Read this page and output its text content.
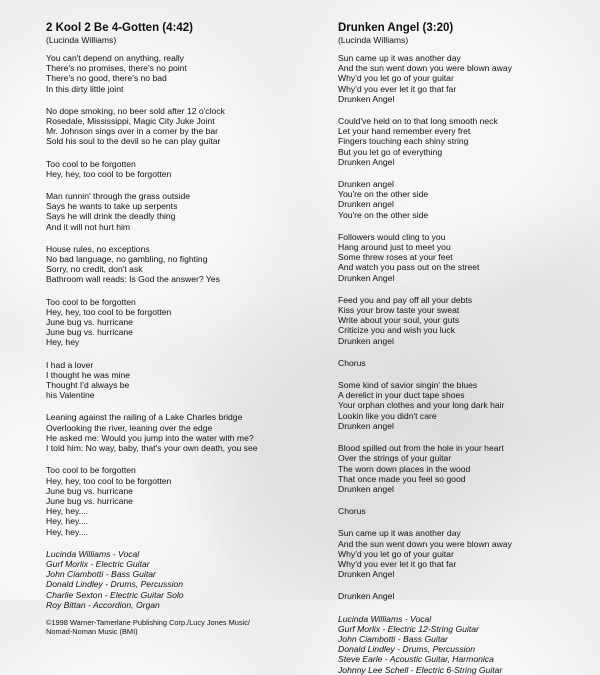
2 Kool 2 Be 4-Gotten (4:42)

(Lucinda Williams)

You can't depend on anything, really
There's no promises, there's no point
There's no good, there's no bad
In this dirty little joint
No dope smoking, no beer sold after 12 o'clock
Rosedale, Mississippi, Magic City Juke Joint
Mr. Johnson sings over in a corner by the bar
Sold his soul to the devil so he can play guitar
Too cool to be forgotten
Hey, hey, too cool to be forgotten
Man runnin' through the grass outside
Says he wants to take up serpents
Says he will drink the deadly thing
And it will not hurt him
House rules, no exceptions
No bad language, no gambling, no fighting
Sorry, no credit, don't ask
Bathroom wall reads: Is God the answer? Yes
Too cool to be forgotten
Hey, hey, too cool to be forgotten
June bug vs. hurricane
June bug vs. hurricane
Hey, hey
I had a lover
I thought he was mine
Thought I'd always be
his Valentine
Leaning against the railing of a Lake Charles bridge
Overlooking the river, leaning over the edge
He asked me: Would you jump into the water with me?
I told him: No way, baby, that's your own death, you see
Too cool to be forgotten
Hey, hey, too cool to be forgotten
June bug vs. hurricane
June bug vs. hurricane
Hey, hey....
Hey, hey....
Hey, hey....
Lucinda Williams - Vocal
Gurf Morlix - Electric Guitar
John Ciambotti - Bass Guitar
Donald Lindley - Drums, Percussion
Charlie Sexton - Electric Guitar Solo
Roy Bittan - Accordion, Organ
©1998 Warner-Tamerlane Publishing Corp./Lucy Jones Music/
Nomad-Noman Music (BMI)

Drunken Angel (3:20)

(Lucinda Williams)

Sun came up it was another day
And the sun went down you were blown away
Why'd you let go of your guitar
Why'd you ever let it go that far
Drunken Angel
Could've held on to that long smooth neck
Let your hand remember every fret
Fingers touching each shiny string
But you let go of everything
Drunken Angel
Drunken angel
You're on the other side
Drunken angel
You're on the other side
Followers would cling to you
Hang around just to meet you
Some threw roses at your feet
And watch you pass out on the street
Drunken Angel
Feed you and pay off all your debts
Kiss your brow taste your sweat
Write about your soul, your guts
Criticize you and wish you luck
Drunken angel
Chorus
Some kind of savior singin' the blues
A derelict in your duct tape shoes
Your orphan clothes and your long dark hair
Lookin like you didn't care
Drunken angel
Blood spilled out from the hole in your heart
Over the strings of your guitar
The worn down places in the wood
That once made you feel so good
Drunken angel
Chorus
Sun came up it was another day
And the sun went down you were blown away
Why'd you let go of your guitar
Why'd you ever let it go that far
Drunken Angel
Drunken Angel
Lucinda Williams - Vocal
Gurf Morlix - Electric 12-String Guitar
John Ciambotti - Bass Guitar
Donald Lindley - Drums, Percussion
Steve Earle - Acoustic Guitar, Harmonica
Johnny Lee Schell - Electric 6-String Guitar
